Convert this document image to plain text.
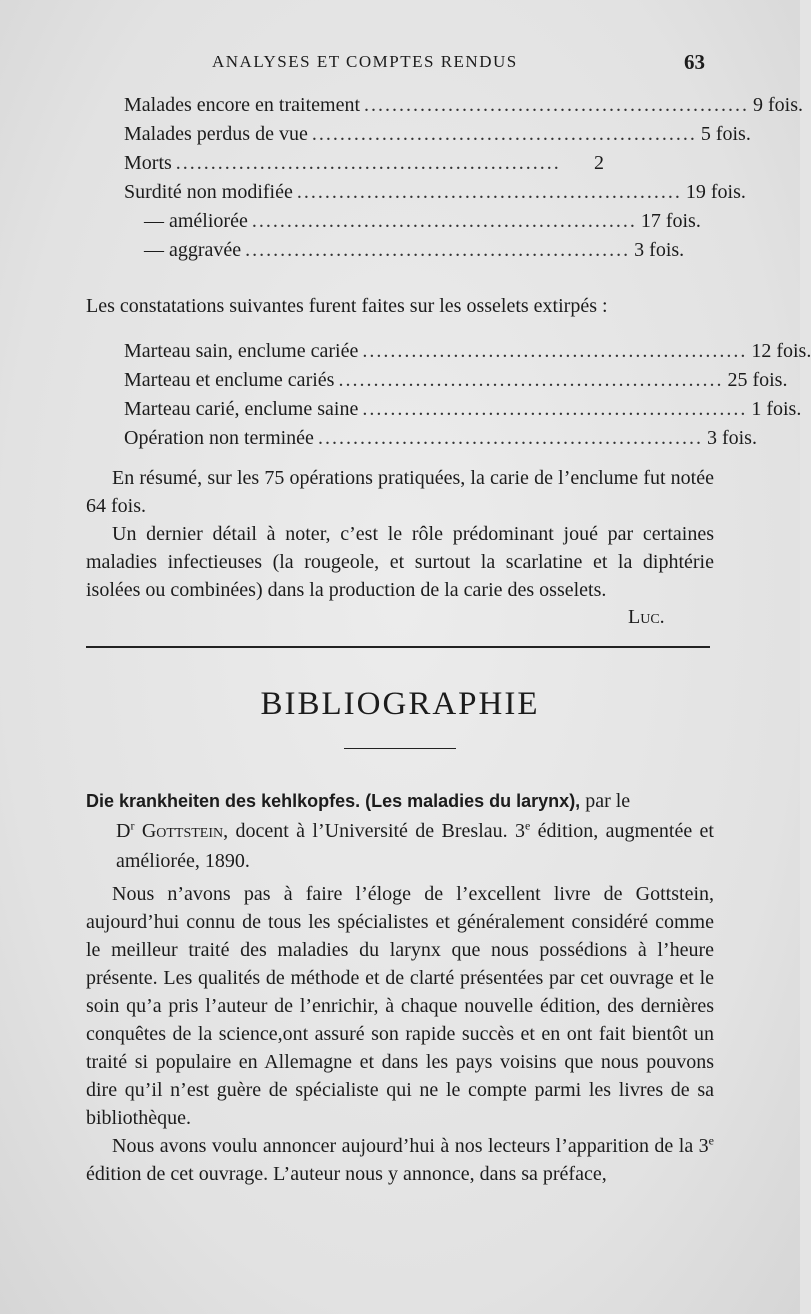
ANALYSES ET COMPTES RENDUS	63
Malades encore en traitement ....................................................... 9 fois.
Malades perdus de vue ....................................................... 5 fois.
Morts .......................................................	2
Surdité non modifiée ....................................................... 19 fois.
— améliorée ....................................................... 17 fois.
— aggravée ....................................................... 3 fois.
Les constatations suivantes furent faites sur les osselets extirpés :
Marteau sain, enclume cariée ....................................................... 12 fois.
Marteau et enclume cariés ....................................................... 25 fois.
Marteau carié, enclume saine ....................................................... 1 fois.
Opération non terminée ....................................................... 3 fois.
En résumé, sur les 75 opérations pratiquées, la carie de l’enclume fut notée 64 fois.
Un dernier détail à noter, c’est le rôle prédominant joué par certaines maladies infectieuses (la rougeole, et surtout la scarlatine et la diphtérie isolées ou combinées) dans la production de la carie des osselets.
Luc.
BIBLIOGRAPHIE
Die krankheiten des kehlkopfes. (Les maladies du larynx), par le
$D^r$ Gottstein, docent à l’Université de Breslau. 3e édition, augmentée et améliorée, 1890.
Nous n’avons pas à faire l’éloge de l’excellent livre de Gottstein, aujourd’hui connu de tous les spécialistes et généralement considéré comme le meilleur traité des maladies du larynx que nous possédions à l’heure présente. Les qualités de méthode et de clarté présentées par cet ouvrage et le soin qu’a pris l’auteur de l’enrichir, à chaque nouvelle édition, des dernières conquêtes de la science,ont assuré son rapide succès et en ont fait bientôt un traité si populaire en Allemagne et dans les pays voisins que nous pouvons dire qu’il n’est guère de spécialiste qui ne le compte parmi les livres de sa bibliothèque.
Nous avons voulu annoncer aujourd’hui à nos lecteurs l’apparition de la 3e édition de cet ouvrage. L’auteur nous y annonce, dans sa préface,
